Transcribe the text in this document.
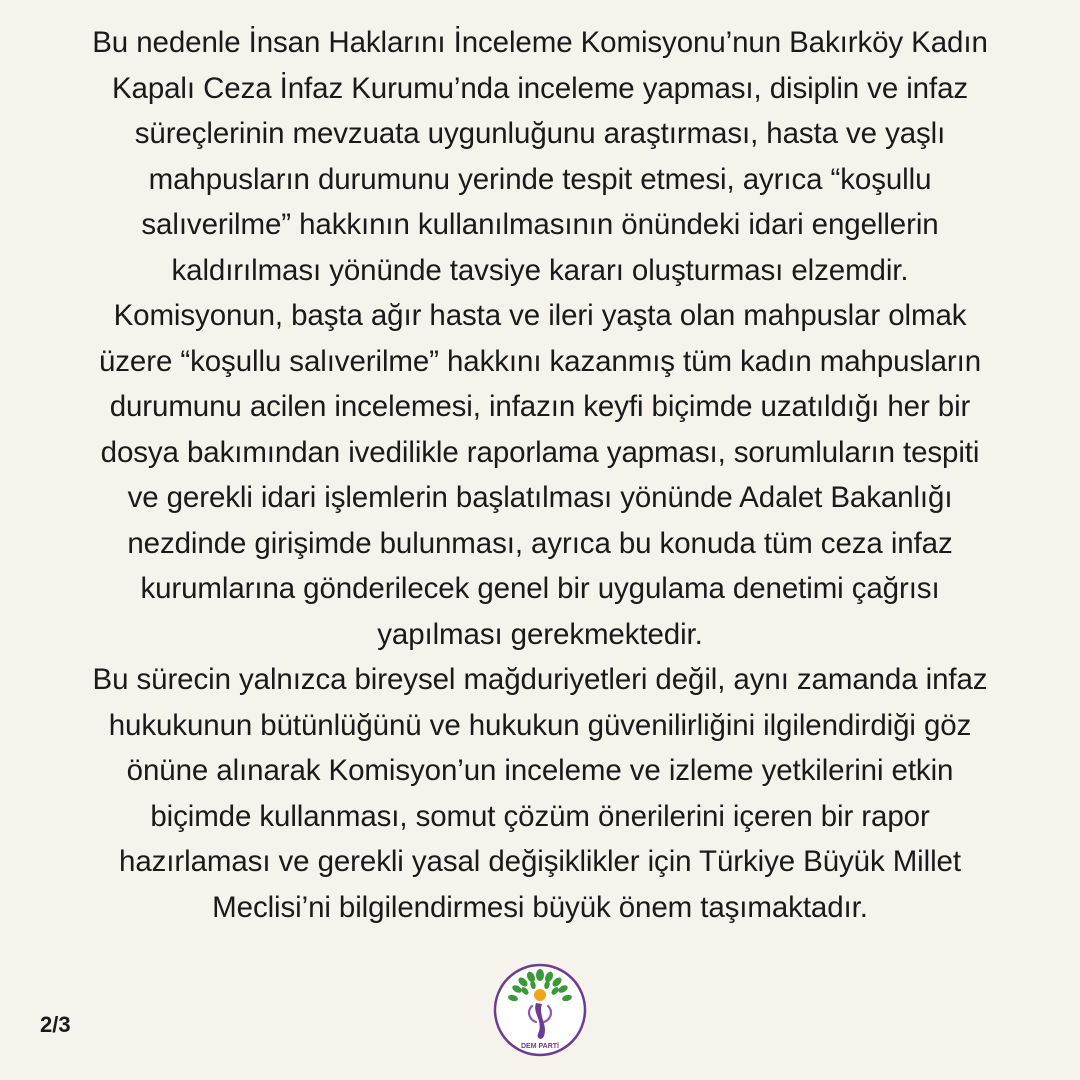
Bu nedenle İnsan Haklarını İnceleme Komisyonu’nun Bakırköy Kadın
Kapalı Ceza İnfaz Kurumu’nda inceleme yapması, disiplin ve infaz
süreçlerinin mevzuata uygunluğunu araştırması, hasta ve yaşlı
mahpusların durumunu yerinde tespit etmesi, ayrıca “koşullu
salıverilme” hakkının kullanılmasının önündeki idari engellerin
kaldırılması yönünde tavsiye kararı oluşturması elzemdir.
Komisyonun, başta ağır hasta ve ileri yaşta olan mahpuslar olmak
üzere “koşullu salıverilme” hakkını kazanmış tüm kadın mahpusların
durumunu acilen incelemesi, infazın keyfi biçimde uzatıldığı her bir
dosya bakımından ivedilikle raporlama yapması, sorumluların tespiti
ve gerekli idari işlemlerin başlatılması yönünde Adalet Bakanlığı
nezdinde girişimde bulunması, ayrıca bu konuda tüm ceza infaz
kurumlarına gönderilecek genel bir uygulama denetimi çağrısı
yapılması gerekmektedir.
Bu sürecin yalnızca bireysel mağduriyetleri değil, aynı zamanda infaz
hukukunun bütünlüğünü ve hukukun güvenilirliğini ilgilendirdiği göz
önüne alınarak Komisyon’un inceleme ve izleme yetkilerini etkin
biçimde kullanması, somut çözüm önerilerini içeren bir rapor
hazırlaması ve gerekli yasal değişiklikler için Türkiye Büyük Millet
Meclisi’ni bilgilendirmesi büyük önem taşımaktadır.
2/3
DEM PARTİ
